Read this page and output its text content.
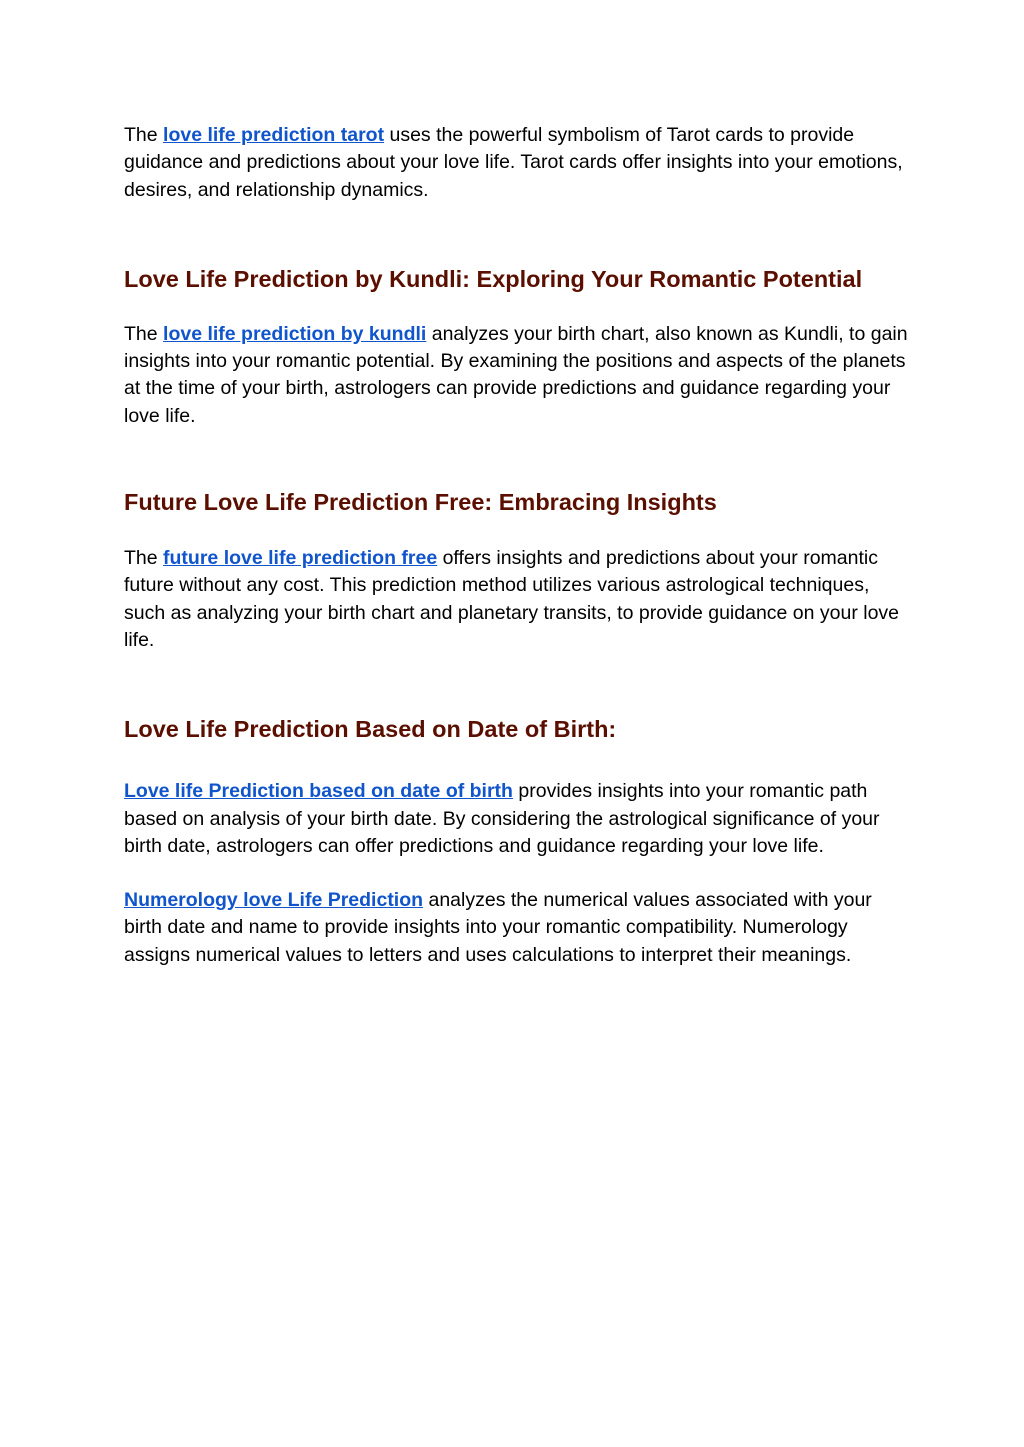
The love life prediction tarot uses the powerful symbolism of Tarot cards to provide guidance and predictions about your love life. Tarot cards offer insights into your emotions, desires, and relationship dynamics.

Love Life Prediction by Kundli: Exploring Your Romantic Potential

The love life prediction by kundli analyzes your birth chart, also known as Kundli, to gain insights into your romantic potential. By examining the positions and aspects of the planets at the time of your birth, astrologers can provide predictions and guidance regarding your love life.

Future Love Life Prediction Free: Embracing Insights

The future love life prediction free offers insights and predictions about your romantic future without any cost. This prediction method utilizes various astrological techniques, such as analyzing your birth chart and planetary transits, to provide guidance on your love life.

Love Life Prediction Based on Date of Birth:

Love life Prediction based on date of birth provides insights into your romantic path based on analysis of your birth date. By considering the astrological significance of your birth date, astrologers can offer predictions and guidance regarding your love life.

Numerology love Life Prediction analyzes the numerical values associated with your birth date and name to provide insights into your romantic compatibility. Numerology assigns numerical values to letters and uses calculations to interpret their meanings.
